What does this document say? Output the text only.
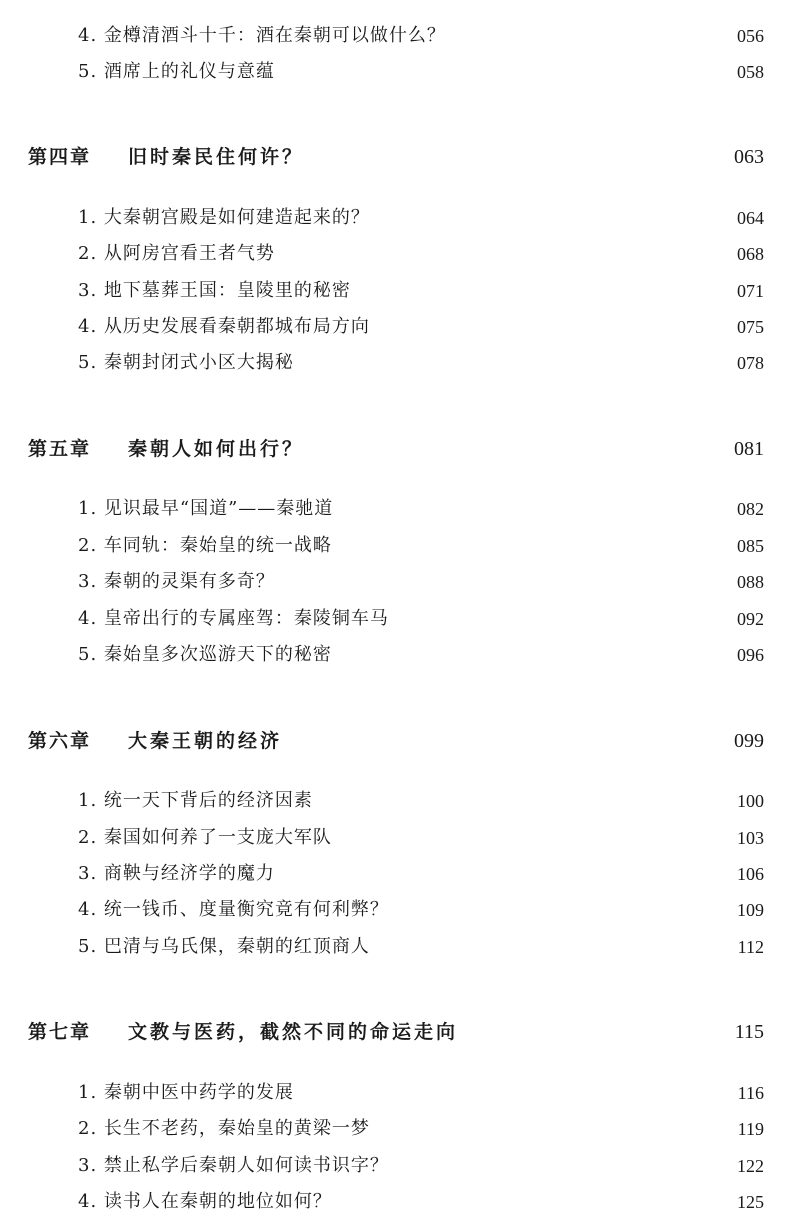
4. 金樽清酒斗十千：酒在秦朝可以做什么？	056
5. 酒席上的礼仪与意蕴	058
第四章 旧时秦民住何许？	063
1. 大秦朝宫殿是如何建造起来的？	064
2. 从阿房宫看王者气势	068
3. 地下墓葬王国：皇陵里的秘密	071
4. 从历史发展看秦朝都城布局方向	075
5. 秦朝封闭式小区大揭秘	078
第五章 秦朝人如何出行？	081
1. 见识最早“国道”——秦驰道	082
2. 车同轨：秦始皇的统一战略	085
3. 秦朝的灵渠有多奇？	088
4. 皇帝出行的专属座驾：秦陵铜车马	092
5. 秦始皇多次巡游天下的秘密	096
第六章 大秦王朝的经济	099
1. 统一天下背后的经济因素	100
2. 秦国如何养了一支庞大军队	103
3. 商鞅与经济学的魔力	106
4. 统一钱币、度量衡究竟有何利弊？	109
5. 巴清与乌氏倮，秦朝的红顶商人	112
第七章 文教与医药，截然不同的命运走向	115
1. 秦朝中医中药学的发展	116
2. 长生不老药，秦始皇的黄梁一梦	119
3. 禁止私学后秦朝人如何读书识字？	122
4. 读书人在秦朝的地位如何？	125
